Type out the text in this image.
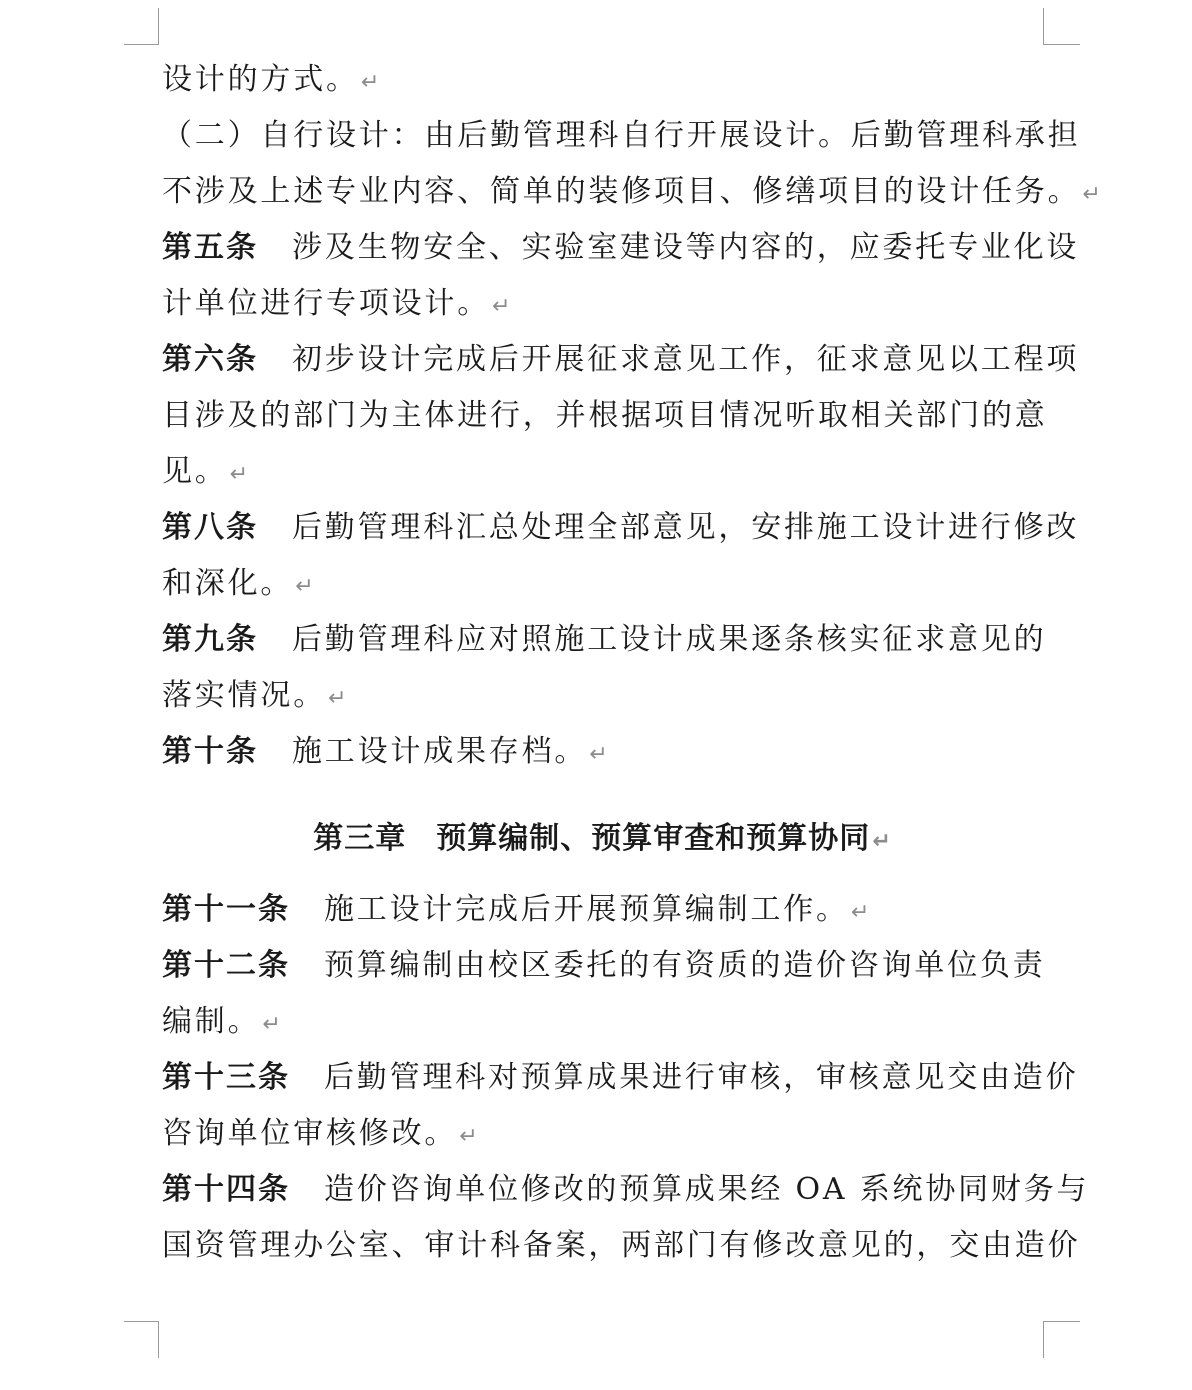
设计的方式。↵
（二）自行设计：由后勤管理科自行开展设计。后勤管理科承担
不涉及上述专业内容、简单的装修项目、修缮项目的设计任务。↵
第五条 涉及生物安全、实验室建设等内容的，应委托专业化设
计单位进行专项设计。↵
第六条 初步设计完成后开展征求意见工作，征求意见以工程项
目涉及的部门为主体进行，并根据项目情况听取相关部门的意
见。↵
第八条 后勤管理科汇总处理全部意见，安排施工设计进行修改
和深化。↵
第九条 后勤管理科应对照施工设计成果逐条核实征求意见的
落实情况。↵
第十条 施工设计成果存档。↵
第三章 预算编制、预算审查和预算协同↵
第十一条 施工设计完成后开展预算编制工作。↵
第十二条 预算编制由校区委托的有资质的造价咨询单位负责
编制。↵
第十三条 后勤管理科对预算成果进行审核，审核意见交由造价
咨询单位审核修改。↵
第十四条 造价咨询单位修改的预算成果经 OA 系统协同财务与
国资管理办公室、审计科备案，两部门有修改意见的，交由造价
